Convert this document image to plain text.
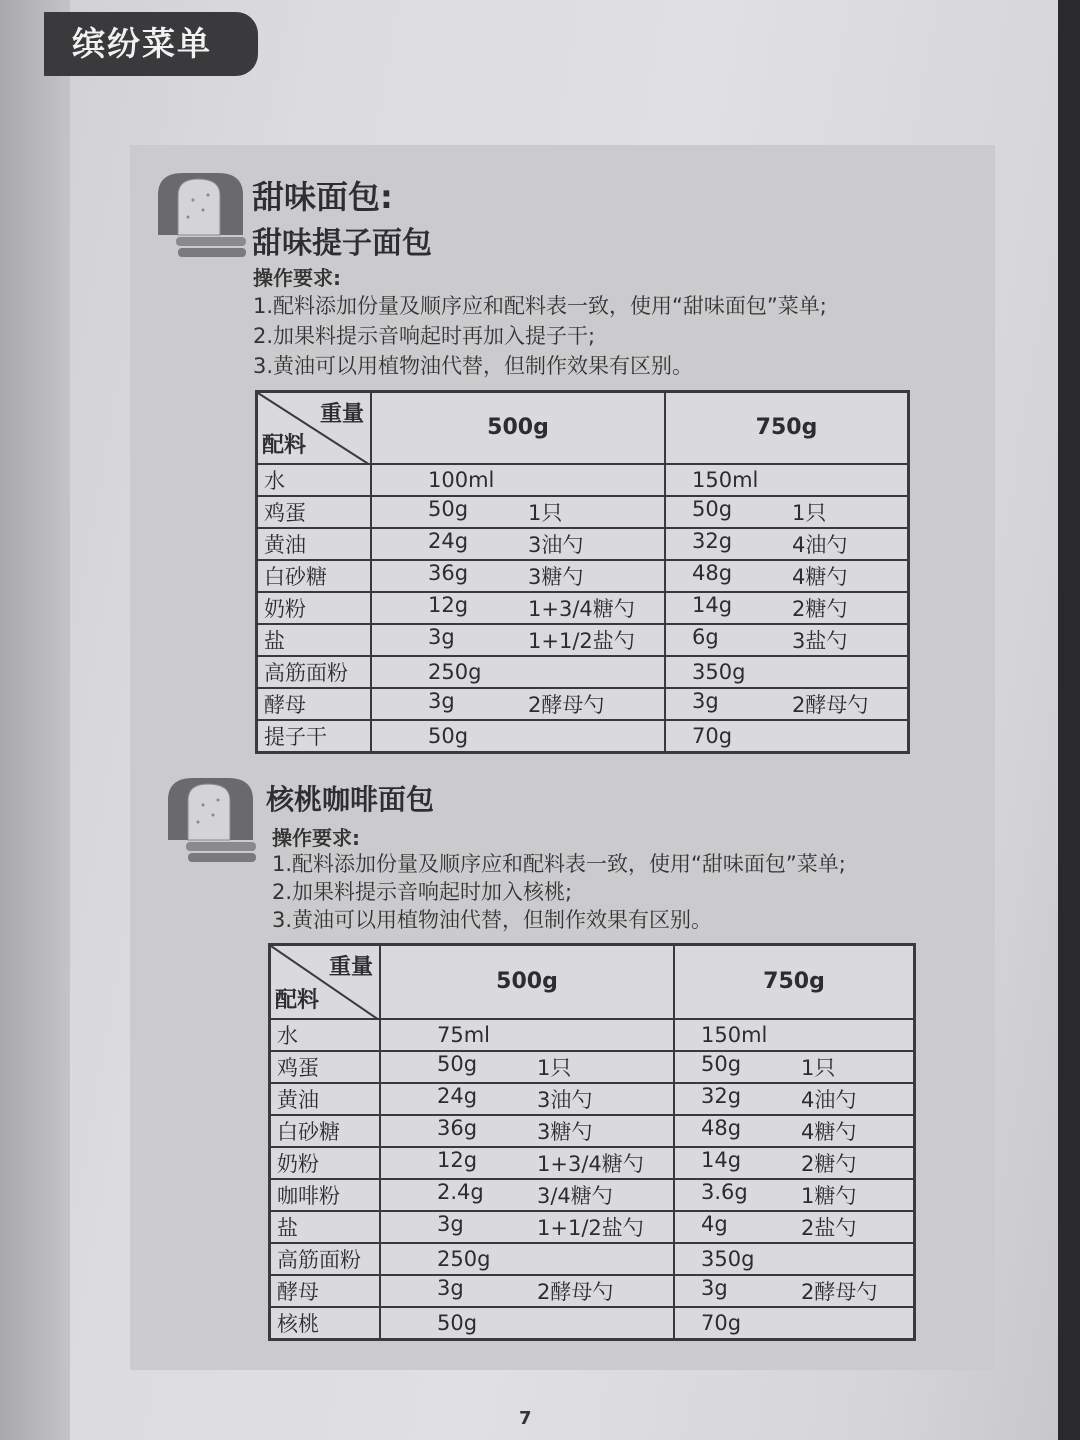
缤纷菜单
甜味面包:
甜味提子面包
操作要求:
1.配料添加份量及顺序应和配料表一致，使用“甜味面包”菜单;
2.加果料提示音响起时再加入提子干;
3.黄油可以用植物油代替，但制作效果有区别。
重量
配料	500g	750g
水	100ml	150ml

鸡蛋	50g 1只	50g 1只

黄油	24g 3油勺	32g 4油勺

白砂糖	36g 3糖勺	48g 4糖勺

奶粉	12g 1+3/4糖勺	14g 2糖勺

盐	3g 1+1/2盐勺	6g 3盐勺

高筋面粉	250g	350g

酵母	3g 2酵母勺	3g 2酵母勺

提子干	50g	70g
核桃咖啡面包
操作要求:
1.配料添加份量及顺序应和配料表一致，使用“甜味面包”菜单;
2.加果料提示音响起时加入核桃;
3.黄油可以用植物油代替，但制作效果有区别。
重量
配料	500g	750g
水	75ml	150ml

鸡蛋	50g 1只	50g 1只

黄油	24g 3油勺	32g 4油勺

白砂糖	36g 3糖勺	48g 4糖勺

奶粉	12g 1+3/4糖勺	14g 2糖勺

咖啡粉	2.4g 3/4糖勺	3.6g 1糖勺

盐	3g 1+1/2盐勺	4g 2盐勺

高筋面粉	250g	350g

酵母	3g 2酵母勺	3g 2酵母勺

核桃	50g	70g
7
